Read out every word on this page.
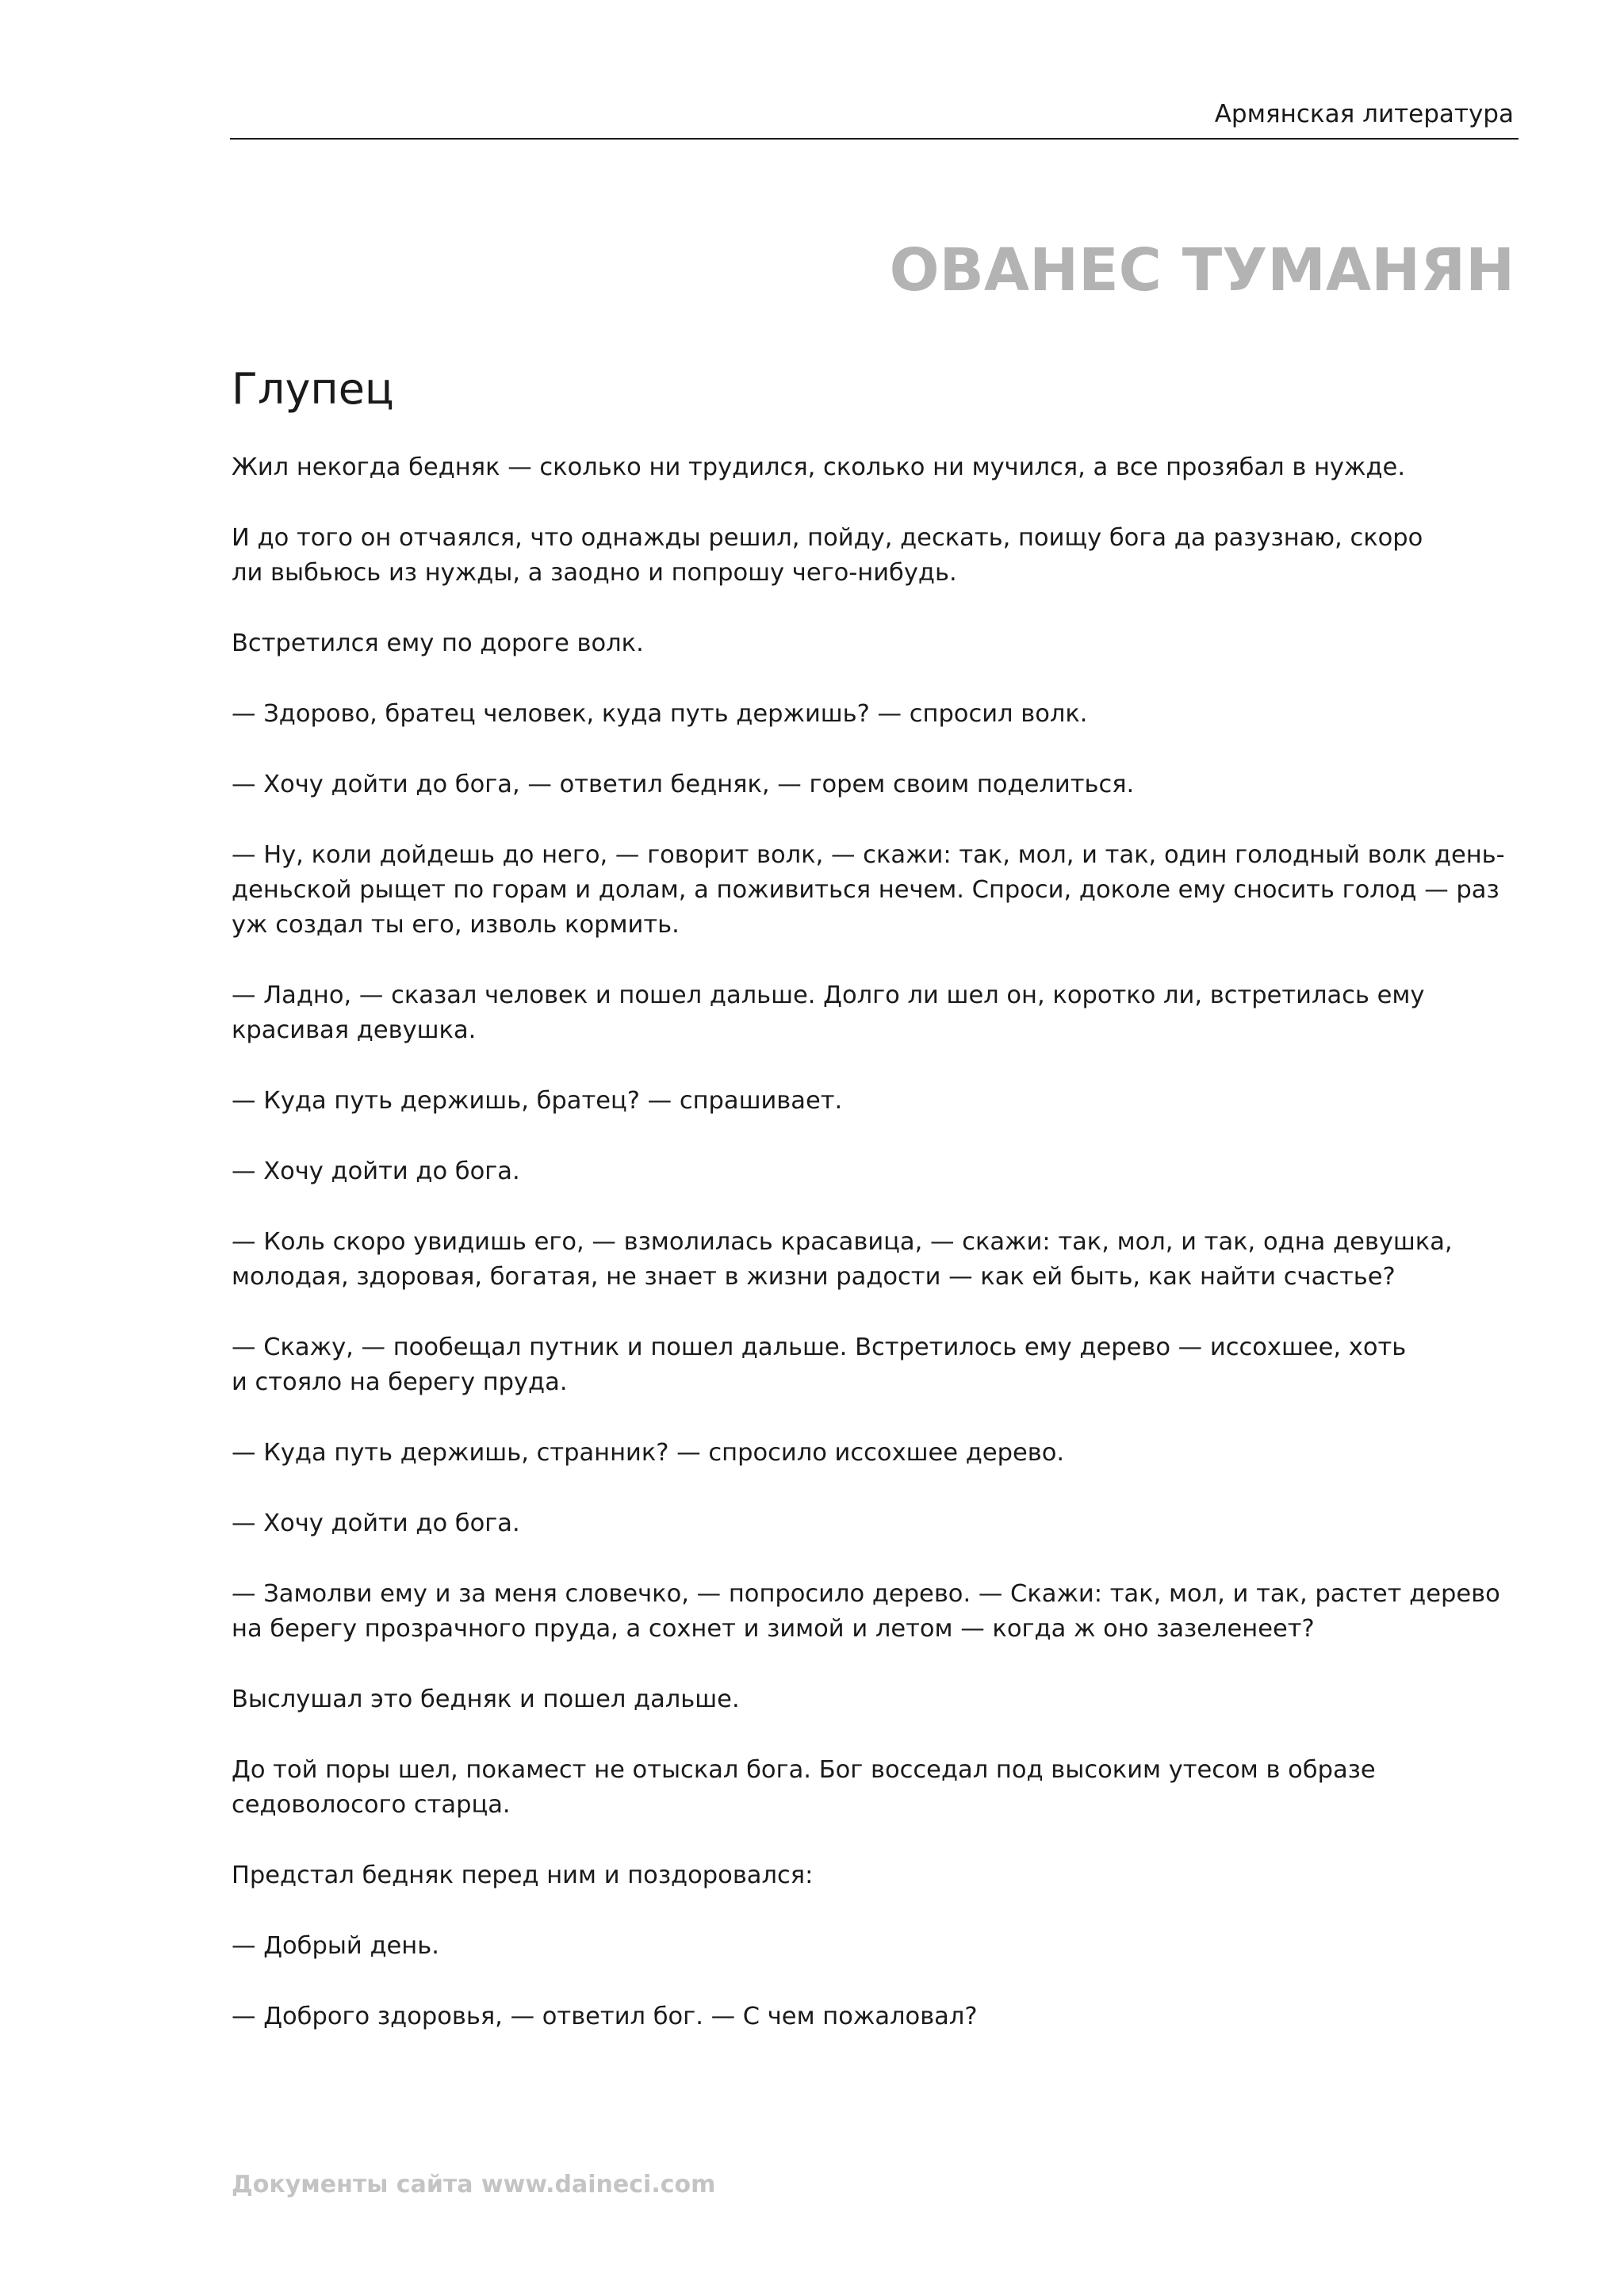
Армянская литература
ОВАНЕС ТУМАНЯН
Глупец

Жил некогда бедняк — сколько ни трудился, сколько ни мучился, а все прозябал в нужде.

И до того он отчаялся, что однажды решил, пойду, дескать, поищу бога да разузнаю, скоро
ли выбьюсь из нужды, а заодно и попрошу чего-нибудь.

Встретился ему по дороге волк.

— Здорово, братец человек, куда путь держишь? — спросил волк.

— Хочу дойти до бога, — ответил бедняк, — горем своим поделиться.

— Ну, коли дойдешь до него, — говорит волк, — скажи: так, мол, и так, один голодный волк день-
деньской рыщет по горам и долам, а поживиться нечем. Спроси, доколе ему сносить голод — раз
уж создал ты его, изволь кормить.

— Ладно, — сказал человек и пошел дальше. Долго ли шел он, коротко ли, встретилась ему
красивая девушка.

— Куда путь держишь, братец? — спрашивает.

— Хочу дойти до бога.

— Коль скоро увидишь его, — взмолилась красавица, — скажи: так, мол, и так, одна девушка,
молодая, здоровая, богатая, не знает в жизни радости — как ей быть, как найти счастье?

— Скажу, — пообещал путник и пошел дальше. Встретилось ему дерево — иссохшее, хоть
и стояло на берегу пруда.

— Куда путь держишь, странник? — спросило иссохшее дерево.

— Хочу дойти до бога.

— Замолви ему и за меня словечко, — попросило дерево. — Скажи: так, мол, и так, растет дерево
на берегу прозрачного пруда, а сохнет и зимой и летом — когда ж оно зазеленеет?

Выслушал это бедняк и пошел дальше.

До той поры шел, покамест не отыскал бога. Бог восседал под высоким утесом в образе
седоволосого старца.

Предстал бедняк перед ним и поздоровался:

— Добрый день.

— Доброго здоровья, — ответил бог. — С чем пожаловал?

Документы сайта www.daineci.com
